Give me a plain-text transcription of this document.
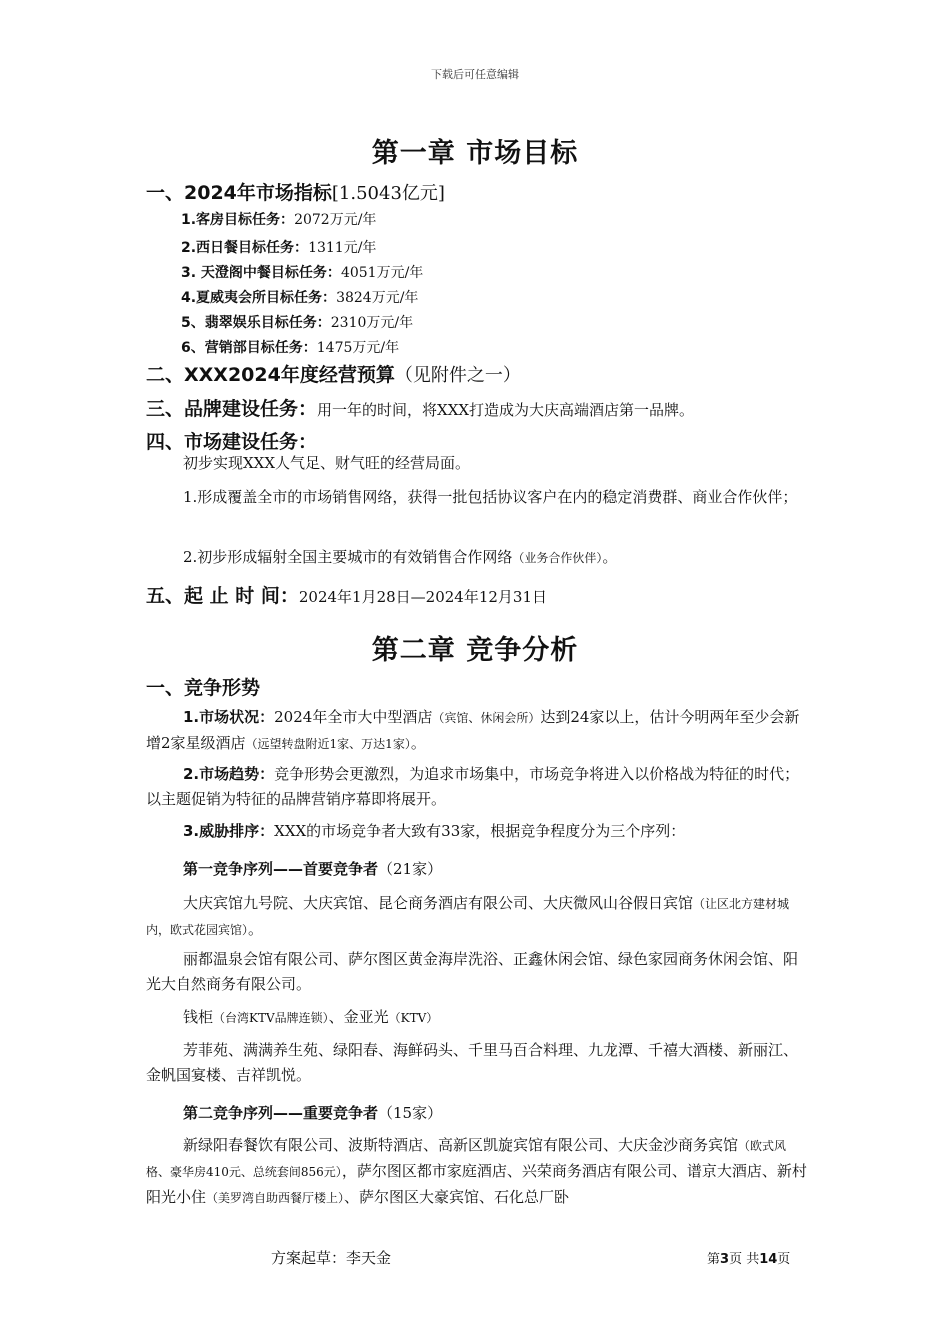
下载后可任意编辑
第一章 市场目标
一、2024年市场指标[1.5043亿元]
1.客房目标任务：2072万元/年
2.西日餐目标任务：1311元/年
3. 天澄阁中餐目标任务：4051万元/年
4.夏威夷会所目标任务：3824万元/年
5、翡翠娱乐目标任务：2310万元/年
6、营销部目标任务：1475万元/年
二、XXX2024年度经营预算（见附件之一）
三、品牌建设任务：用一年的时间，将XXX打造成为大庆高端酒店第一品牌。
四、市场建设任务：
初步实现XXX人气足、财气旺的经营局面。
1.形成覆盖全市的市场销售网络，获得一批包括协议客户在内的稳定消费群、商业合作伙伴；
2.初步形成辐射全国主要城市的有效销售合作网络（业务合作伙伴）。
五、起 止 时 间：2024年1月28日—2024年12月31日
第二章 竞争分析
一、竞争形势
1.市场状况：2024年全市大中型酒店（宾馆、休闲会所）达到24家以上，估计今明两年至少会新增2家星级酒店（远望转盘附近1家、万达1家）。
2.市场趋势：竞争形势会更激烈，为追求市场集中，市场竞争将进入以价格战为特征的时代；以主题促销为特征的品牌营销序幕即将展开。
3.威胁排序：XXX的市场竞争者大致有33家，根据竞争程度分为三个序列：
第一竞争序列——首要竞争者（21家）
大庆宾馆九号院、大庆宾馆、昆仑商务酒店有限公司、大庆微风山谷假日宾馆（让区北方建材城内，欧式花园宾馆）。
丽都温泉会馆有限公司、萨尔图区黄金海岸洗浴、正鑫休闲会馆、绿色家园商务休闲会馆、阳光大自然商务有限公司。
钱柜（台湾KTV品牌连锁）、金亚光（KTV）
芳菲苑、满满养生苑、绿阳春、海鲜码头、千里马百合料理、九龙潭、千禧大酒楼、新丽江、金帆国宴楼、吉祥凯悦。
第二竞争序列——重要竞争者（15家）
新绿阳春餐饮有限公司、波斯特酒店、高新区凯旋宾馆有限公司、大庆金沙商务宾馆（欧式风格、豪华房410元、总统套间856元），萨尔图区都市家庭酒店、兴荣商务酒店有限公司、谱京大酒店、新村阳光小住（美罗湾自助西餐厅楼上）、萨尔图区大豪宾馆、石化总厂卧
方案起草：李天金	第3页 共14页
